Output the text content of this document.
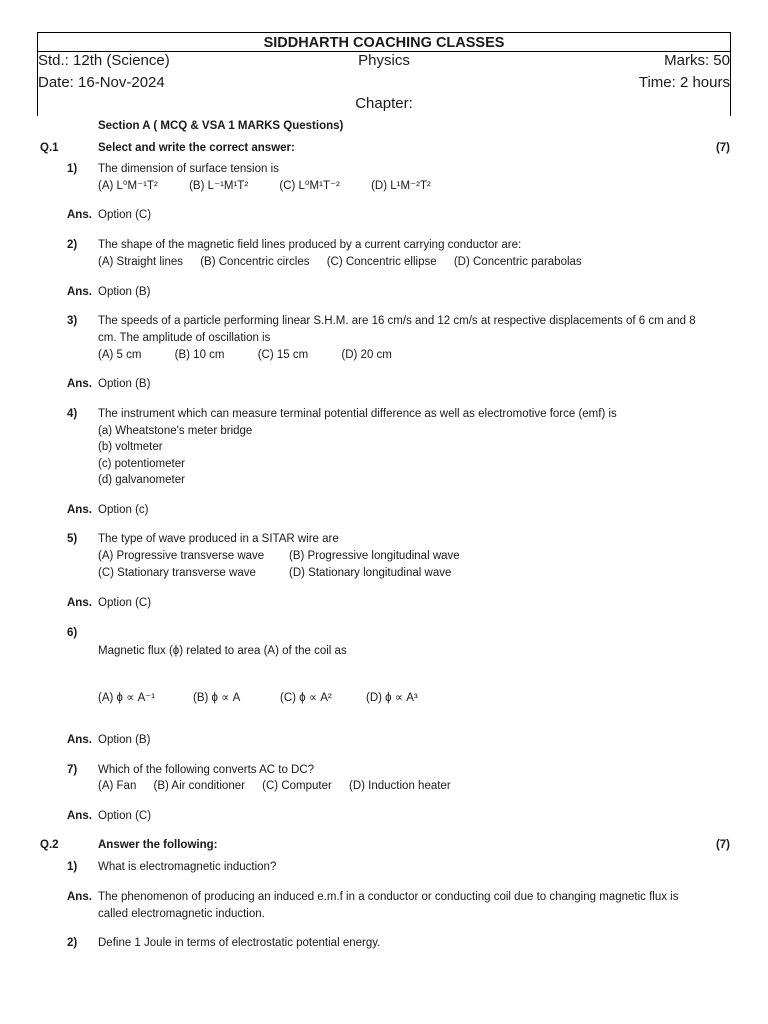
SIDDHARTH COACHING CLASSES
Std.: 12th (Science)	Physics	Marks: 50
Date: 16-Nov-2024	Time: 2 hours
Chapter:
Section A ( MCQ & VSA 1 MARKS Questions)
Q.1	Select and write the correct answer:	(7)
1) The dimension of surface tension is
(A) L⁰M⁻¹T²	(B) L⁻¹M¹T²	(C) L⁰M¹T⁻²	(D) L¹M⁻²T²
Ans. Option (C)
2) The shape of the magnetic field lines produced by a current carrying conductor are:
(A) Straight lines (B) Concentric circles (C) Concentric ellipse (D) Concentric parabolas
Ans. Option (B)
3) The speeds of a particle performing linear S.H.M. are 16 cm/s and 12 cm/s at respective displacements of 6 cm and 8 cm. The amplitude of oscillation is
(A) 5 cm	(B) 10 cm	(C) 15 cm	(D) 20 cm
Ans. Option (B)
4) The instrument which can measure terminal potential difference as well as electromotive force (emf) is
(a) Wheatstone's meter bridge
(b) voltmeter
(c) potentiometer
(d) galvanometer
Ans. Option (c)
5) The type of wave produced in a SITAR wire are
(A) Progressive transverse wave (B) Progressive longitudinal wave
(C) Stationary transverse wave	(D) Stationary longitudinal wave
Ans. Option (C)
6)
Magnetic flux (ϕ) related to area (A) of the coil as
(A) ϕ ∝ A⁻¹	(B) ϕ ∝ A	(C) ϕ ∝ A²	(D) ϕ ∝ A³
Ans. Option (B)
7) Which of the following converts AC to DC?
(A) Fan (B) Air conditioner (C) Computer (D) Induction heater
Ans. Option (C)
Q.2	Answer the following:	(7)
1) What is electromagnetic induction?
Ans. The phenomenon of producing an induced e.m.f in a conductor or conducting coil due to changing magnetic flux is called electromagnetic induction.
2) Define 1 Joule in terms of electrostatic potential energy.
